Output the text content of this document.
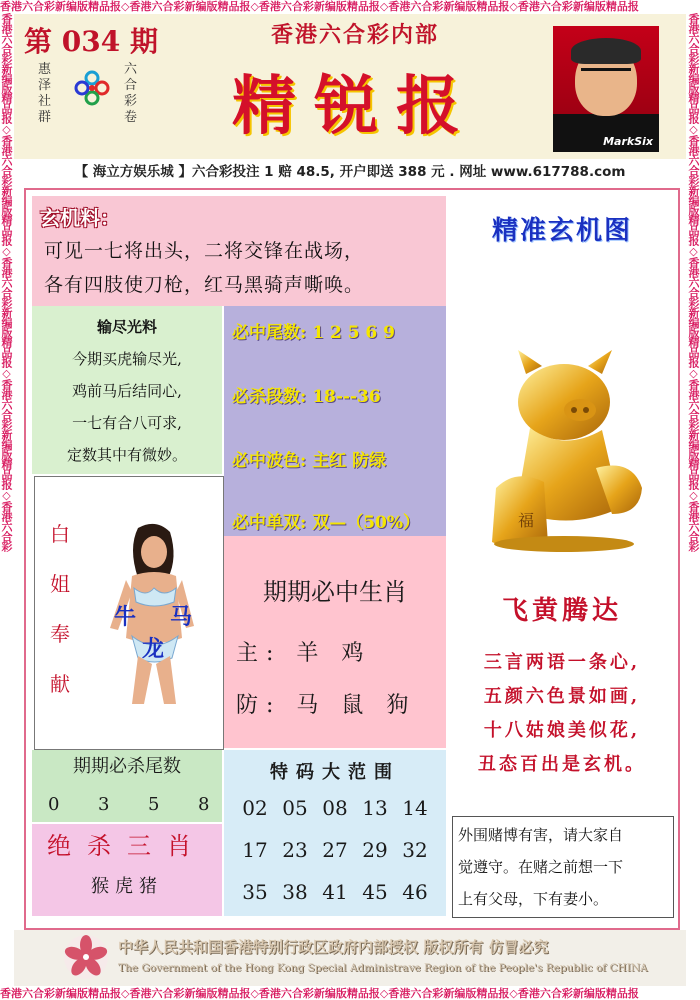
香港六合彩新编版精品报◇香港六合彩新编版精品报◇香港六合彩新编版精品报◇香港六合彩新编版精品报◇香港六合彩新编版精品报
香港六合彩新编版精品报◇香港六合彩新编版精品报◇香港六合彩新编版精品报◇香港六合彩新编版精品报◇香港六合彩	香港六合彩新编版精品报◇香港六合彩新编版精品报◇香港六合彩新编版精品报◇香港六合彩新编版精品报◇香港六合彩
香港六合彩新编版精品报◇香港六合彩新编版精品报◇香港六合彩新编版精品报◇香港六合彩新编版精品报◇香港六合彩新编版精品报
第 034 期
惠
泽
社
群
六
合
彩
卷
香港六合彩内部
精锐报	MarkSix
【 海立方娱乐城 】六合彩投注 1 赔 48.5, 开户即送 388 元 . 网址 www.617788.com
玄机料：
可见一七将出头，二将交锋在战场，
各有四肢使刀枪，红马黑骑声嘶唤。
输尽光料
今期买虎输尽光,
鸡前马后结同心,
一七有合八可求,
定数其中有微妙。
必中尾数: 1 2 5 6 9
必杀段数: 18---36
必中波色: 主红 防绿
必中单双: 双—（50%）
白
姐
奉
献
牛 马
龙
期期必中生肖
主: 羊 鸡
防: 马 鼠 狗
期期必杀尾数
0 3 5 8
绝杀三肖
猴虎猪
特码大范围
02 05 08 13 14
17 23 27 29 32
35 38 41 45 46
精准玄机图
福
飞黄腾达
三言两语一条心,
五颜六色景如画,
十八姑娘美似花,
丑态百出是玄机。
外围赌博有害，请大家自
觉遵守。在赌之前想一下
上有父母，下有妻小。
中华人民共和国香港特别行政区政府内部授权 版权所有 仿冒必究
The Government of the Hong Kong Special Administrave Region of the People's Republic of CHINA
